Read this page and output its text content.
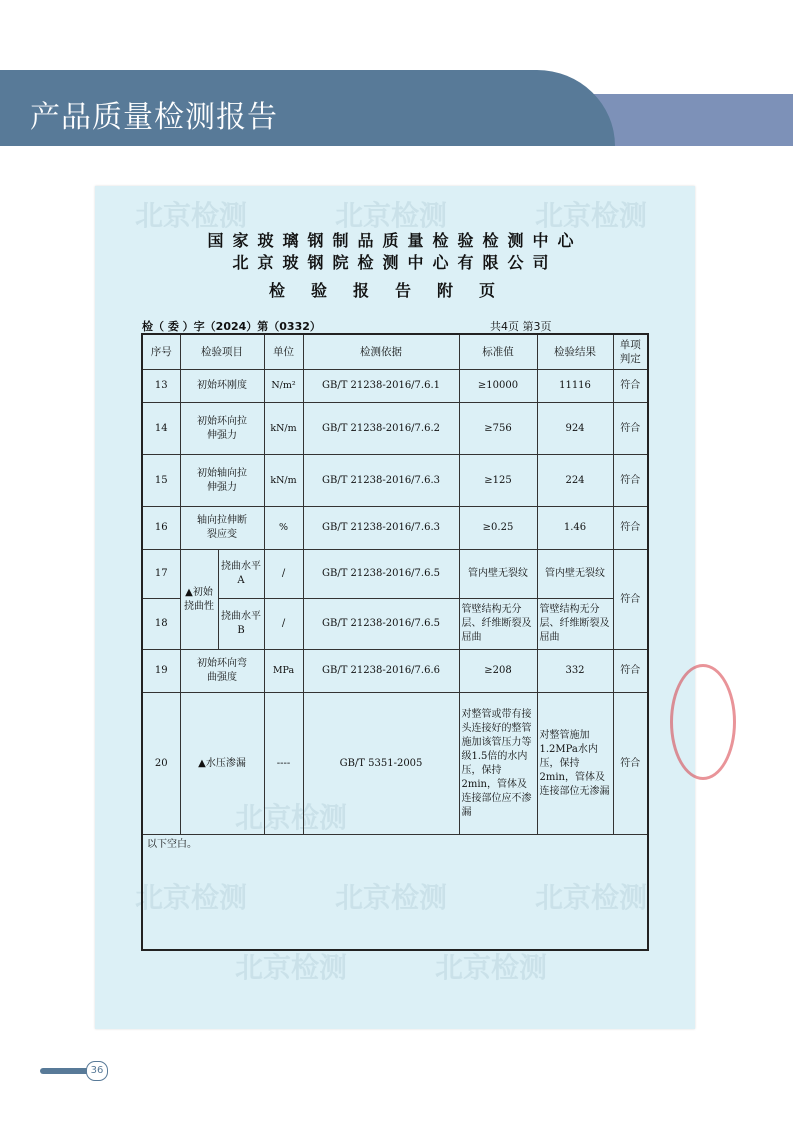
产品质量检测报告
北京检测	北京检测	北京检测
北京检测
北京检测	北京检测	北京检测
北京检测	北京检测
国家玻璃钢制品质量检验检测中心
北京玻钢院检测中心有限公司
检验报告附页
检（ 委 ）字（2024）第（0332）	共4页 第3页
序号	检验项目		单位	检测依据	标准值	检验结果	单项判定
13	初始环刚度		N/m²	GB/T 21238-2016/7.6.1	≥10000	11116	符合
14	初始环向拉伸强力		kN/m	GB/T 21238-2016/7.6.2	≥756	924	符合
15	初始轴向拉伸强力		kN/m	GB/T 21238-2016/7.6.3	≥125	224	符合
16	轴向拉伸断裂应变		%	GB/T 21238-2016/7.6.3	≥0.25	1.46	符合
17	▲初始挠曲性	挠曲水平A	/	GB/T 21238-2016/7.6.5	管内壁无裂纹	管内壁无裂纹	符合
18		挠曲水平B	/	GB/T 21238-2016/7.6.5	管壁结构无分层、纤维断裂及屈曲	管壁结构无分层、纤维断裂及屈曲	
19	初始环向弯曲强度		MPa	GB/T 21238-2016/7.6.6	≥208	332	符合
20	▲水压渗漏		----	GB/T 5351-2005	对整管或带有接头连接好的整管施加该管压力等级1.5倍的水内压，保持2min，管体及连接部位应不渗漏	对整管施加1.2MPa水内压，保持2min，管体及连接部位无渗漏	符合
以下空白。							
36
